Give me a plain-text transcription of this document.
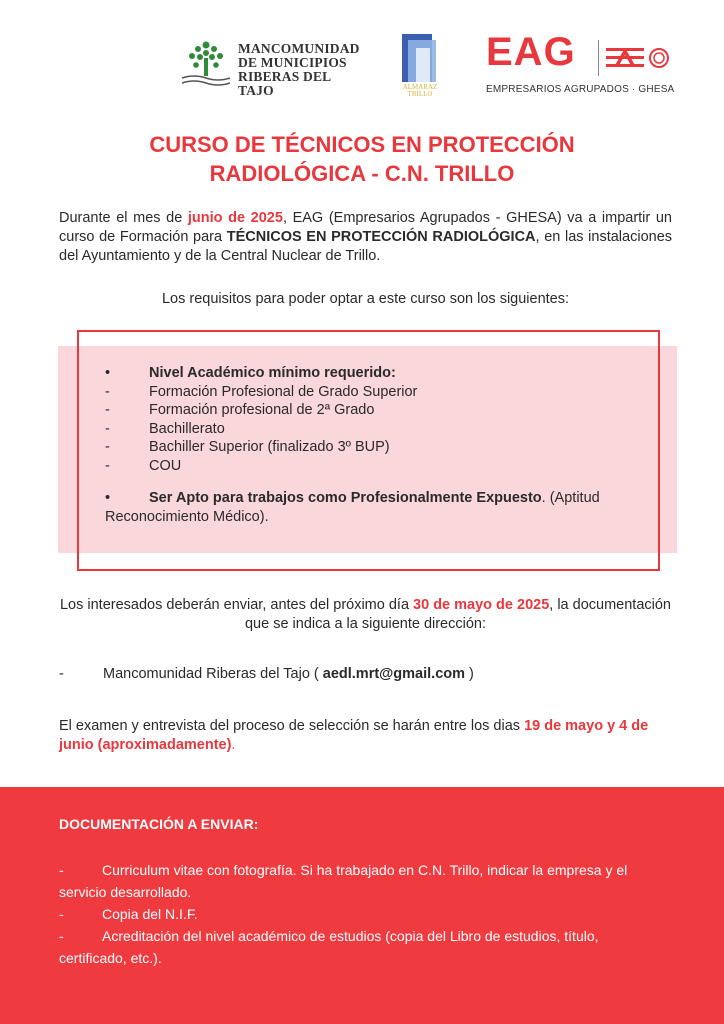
MANCOMUNIDAD
DE MUNICIPIOS
RIBERAS DEL TAJO	ALMARAZ
TRILLO
EAG
EMPRESARIOS AGRUPADOS · GHESA
CURSO DE TÉCNICOS EN PROTECCIÓN
RADIOLÓGICA - C.N. TRILLO
Durante el mes de junio de 2025, EAG (Empresarios Agrupados - GHESA) va a impartir un curso de Formación para TÉCNICOS EN PROTECCIÓN RADIOLÓGICA, en las instalaciones del Ayuntamiento y de la Central Nuclear de Trillo.
Los requisitos para poder optar a este curso son los siguientes:
•	Nivel Académico mínimo requerido:
-	Formación Profesional de Grado Superior
-	Formación profesional de 2ª Grado
-	Bachillerato
-	Bachiller Superior (finalizado 3º BUP)
-	COU
•	Ser Apto para trabajos como Profesionalmente Expuesto. (Aptitud Reconocimiento Médico).
Los interesados deberán enviar, antes del próximo día 30 de mayo de 2025, la documentación que se indica a la siguiente dirección:
-	Mancomunidad Riberas del Tajo ( aedl.mrt@gmail.com )
El examen y entrevista del proceso de selección se harán entre los dias 19 de mayo y 4 de junio (aproximadamente).
DOCUMENTACIÓN A ENVIAR:
-	Curriculum vitae con fotografía. Si ha trabajado en C.N. Trillo, indicar la empresa y el servicio desarrollado.
-	Copia del N.I.F.
-	Acreditación del nivel académico de estudios (copia del Libro de estudios, título, certificado, etc.).
